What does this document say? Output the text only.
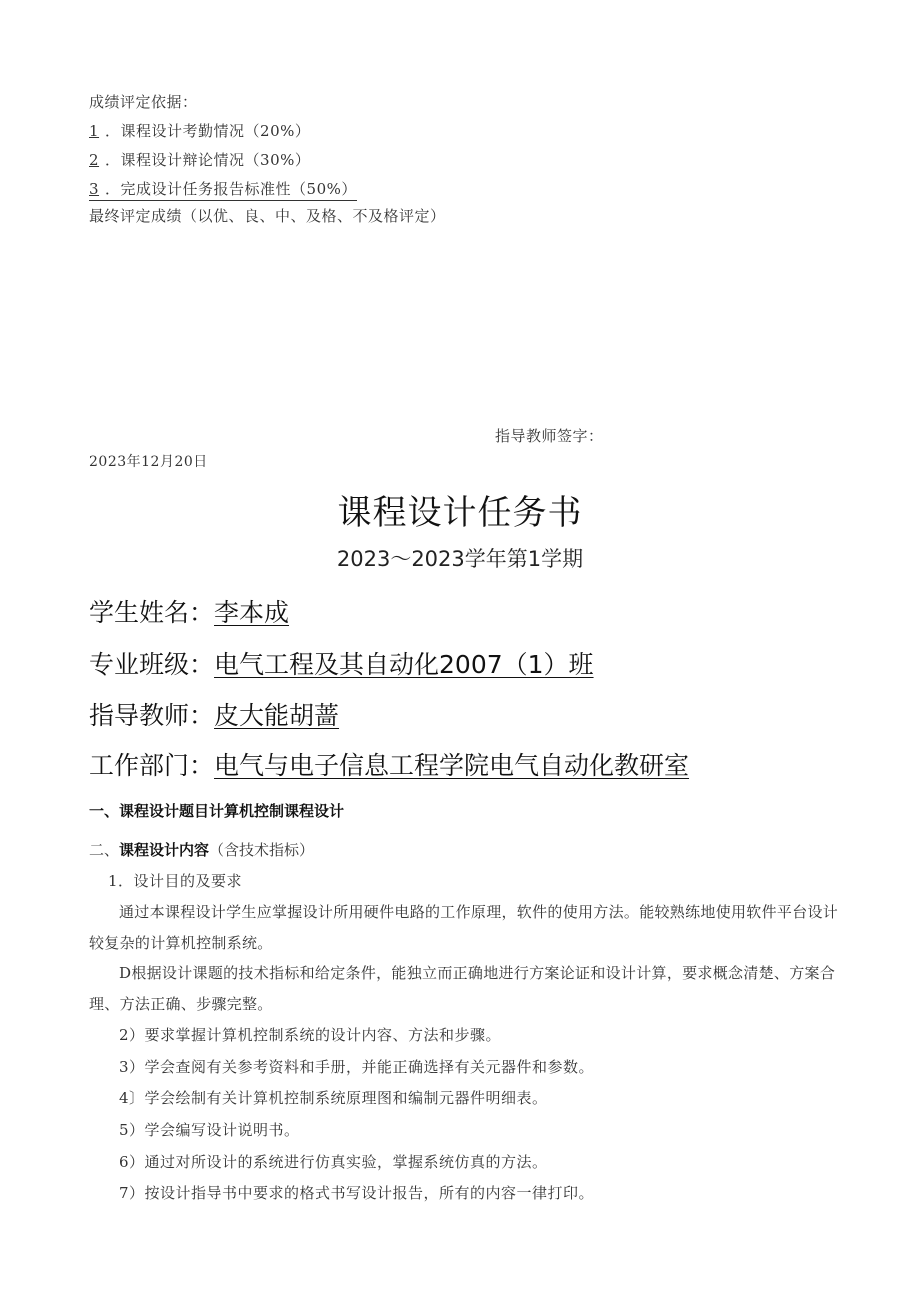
成绩评定依据：
1 ．课程设计考勤情况（20%）
2 ．课程设计辩论情况（30%）
3 ．完成设计任务报告标准性（50%）
最终评定成绩（以优、良、中、及格、不及格评定）
指导教师签字：
2023年12月20日
课程设计任务书
2023～2023学年第1学期
学生姓名：李本成
专业班级：电气工程及其自动化2007（1）班
指导教师：皮大能胡蔷
工作部门：电气与电子信息工程学院电气自动化教研室
一、课程设计题目计算机控制课程设计
二、课程设计内容（含技术指标）
1．设计目的及要求
通过本课程设计学生应掌握设计所用硬件电路的工作原理，软件的使用方法。能较熟练地使用软件平台设计较复杂的计算机控制系统。
D根据设计课题的技术指标和给定条件，能独立而正确地进行方案论证和设计计算，要求概念清楚、方案合理、方法正确、步骤完整。
2）要求掌握计算机控制系统的设计内容、方法和步骤。
3）学会查阅有关参考资料和手册，并能正确选择有关元器件和参数。
4〕学会绘制有关计算机控制系统原理图和编制元器件明细表。
5）学会编写设计说明书。
6）通过对所设计的系统进行仿真实验，掌握系统仿真的方法。
7）按设计指导书中要求的格式书写设计报告，所有的内容一律打印。
